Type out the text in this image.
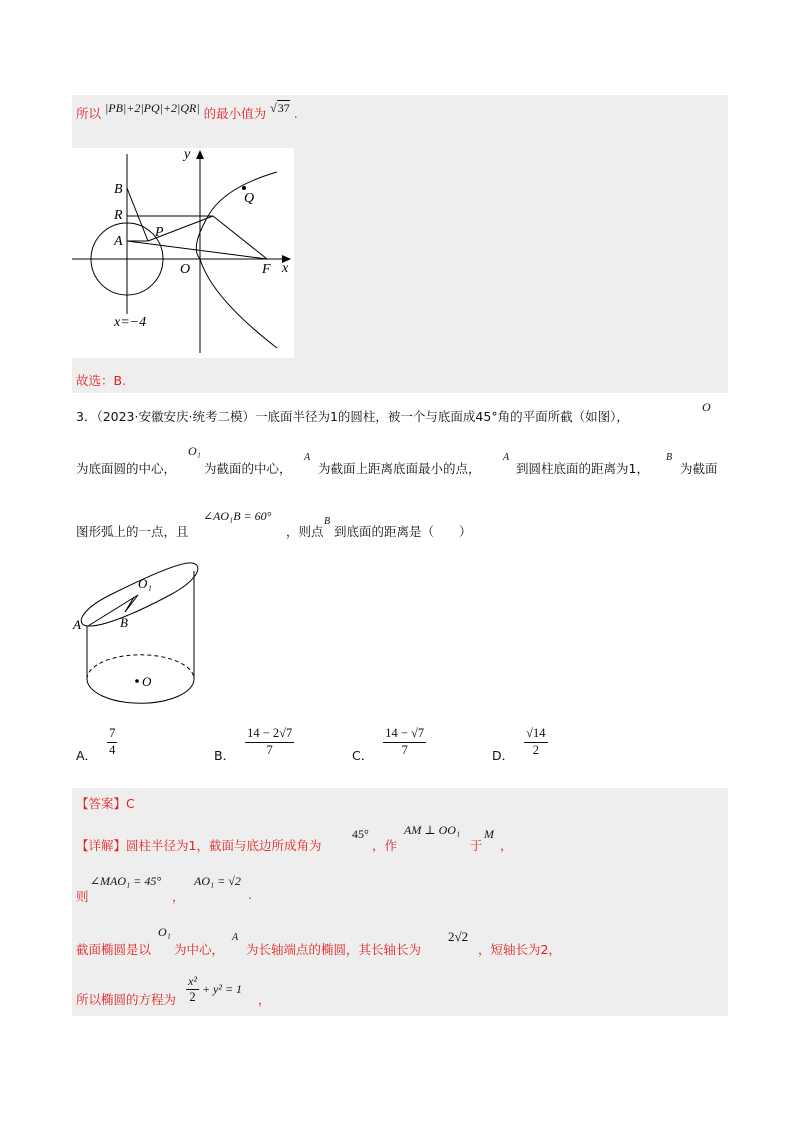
所以 |PB|+2|PQ|+2|QR| 的最小值为 √37 .
y
x
B
R
A
P
Q
O	F
x=−4
故选：B.
3．（2023·安徽安庆·统考二模）一底面半径为1的圆柱，被一个与底面成45°角的平面所截（如图），
O
为底面圆的中心，
O₁
为截面的中心，
A
为截面上距离底面最小的点，
A
到圆柱底面的距离为1，
B
为截面
图形弧上的一点，且
∠AO₁B = 60°
，则点
B
到底面的距离是（　　）
O₁
A	B
O
A． $\frac{7}{4}$	B． $\frac{14 - 2√7}{7}$	C． $\frac{14 - √7}{7}$	D． $\frac{√14}{2}$
【答案】C
【详解】圆柱半径为1，截面与底边所成角为
45°
，作
AM ⊥ OO₁
于
M
，
则
∠MAO₁ = 45°
，
AO₁ = √2
.
截面椭圆是以
O₁
为中心，
A
为长轴端点的椭圆，其长轴长为
2√2
，短轴长为2，
所以椭圆的方程为 $\frac{\text{x²}}{2} + y^2 = 1$
，
